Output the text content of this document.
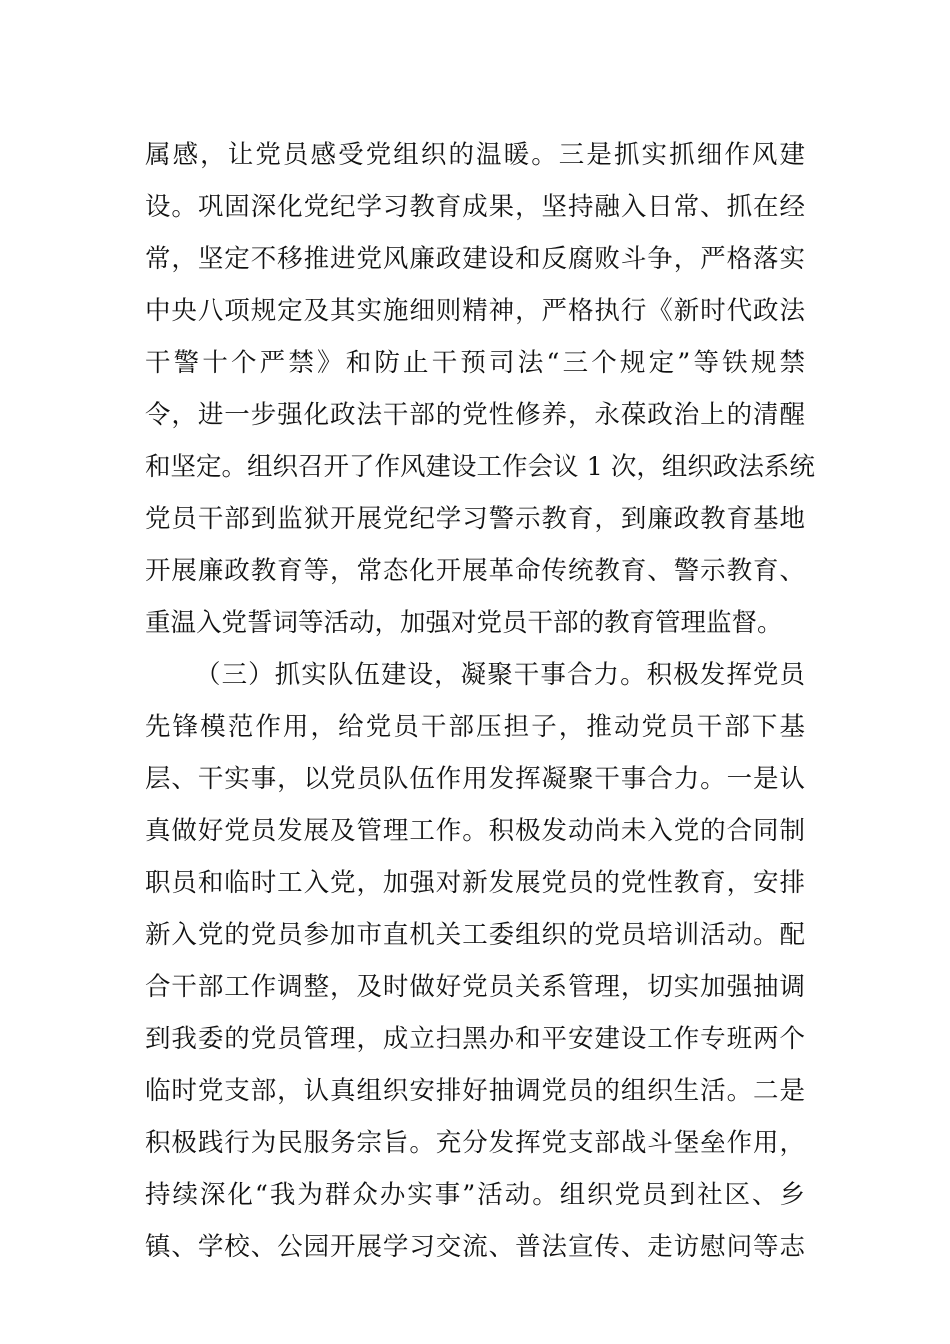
属感，让党员感受党组织的温暖。三是抓实抓细作风建
设。巩固深化党纪学习教育成果，坚持融入日常、抓在经
常，坚定不移推进党风廉政建设和反腐败斗争，严格落实
中央八项规定及其实施细则精神，严格执行《新时代政法
干警十个严禁》和防止干预司法“三个规定”等铁规禁
令，进一步强化政法干部的党性修养，永葆政治上的清醒
和坚定。组织召开了作风建设工作会议 1 次，组织政法系统
党员干部到监狱开展党纪学习警示教育，到廉政教育基地
开展廉政教育等，常态化开展革命传统教育、警示教育、
重温入党誓词等活动，加强对党员干部的教育管理监督。
（三）抓实队伍建设，凝聚干事合力。积极发挥党员
先锋模范作用，给党员干部压担子，推动党员干部下基
层、干实事，以党员队伍作用发挥凝聚干事合力。一是认
真做好党员发展及管理工作。积极发动尚未入党的合同制
职员和临时工入党，加强对新发展党员的党性教育，安排
新入党的党员参加市直机关工委组织的党员培训活动。配
合干部工作调整，及时做好党员关系管理，切实加强抽调
到我委的党员管理，成立扫黑办和平安建设工作专班两个
临时党支部，认真组织安排好抽调党员的组织生活。二是
积极践行为民服务宗旨。充分发挥党支部战斗堡垒作用，
持续深化“我为群众办实事”活动。组织党员到社区、乡
镇、学校、公园开展学习交流、普法宣传、走访慰问等志
